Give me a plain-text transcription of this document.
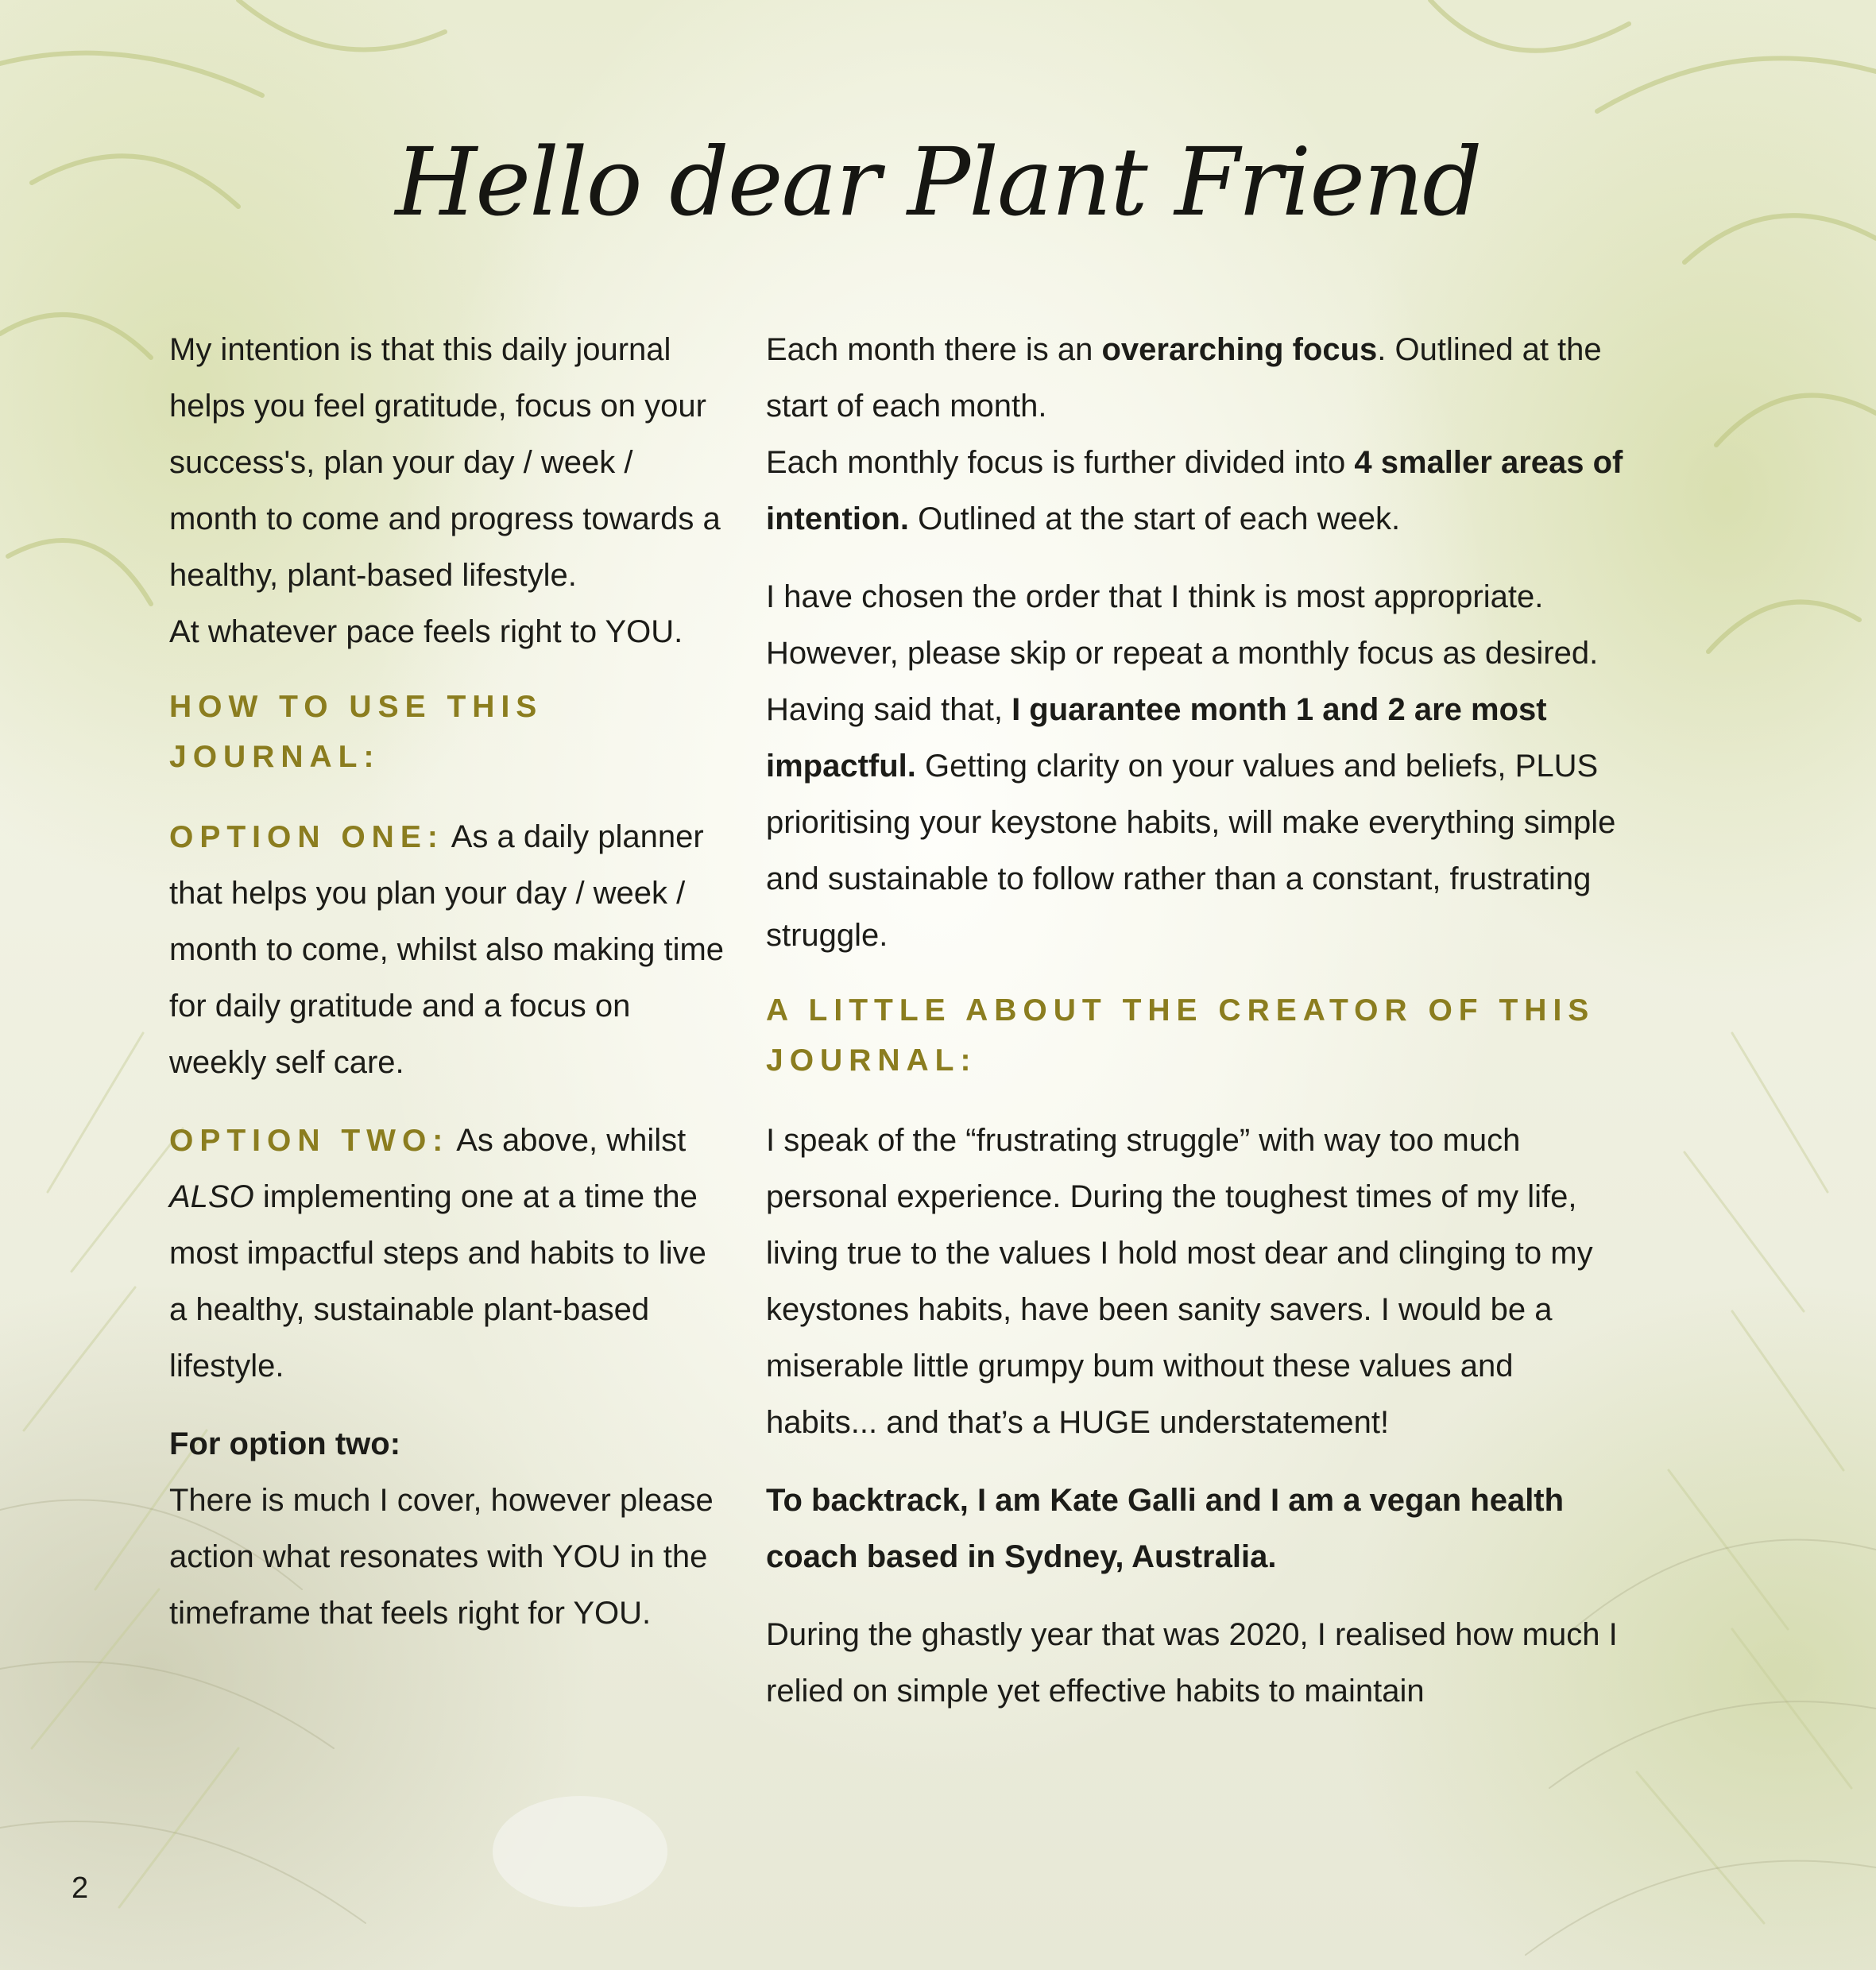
Hello dear Plant Friend

My intention is that this daily journal helps you feel gratitude, focus on your success's, plan your day / week / month to come and progress towards a healthy, plant-based lifestyle.

At whatever pace feels right to YOU.

HOW TO USE THIS JOURNAL:

OPTION ONE: As a daily planner that helps you plan your day / week / month to come, whilst also making time for daily gratitude and a focus on weekly self care.

OPTION TWO: As above, whilst ALSO implementing one at a time the most impactful steps and habits to live a healthy, sustainable plant-based lifestyle.

For option two:

There is much I cover, however please action what resonates with YOU in the timeframe that feels right for YOU.

Each month there is an overarching focus. Outlined at the start of each month.

Each monthly focus is further divided into 4 smaller areas of intention. Outlined at the start of each week.

I have chosen the order that I think is most appropriate. However, please skip or repeat a monthly focus as desired. Having said that, I guarantee month 1 and 2 are most impactful. Getting clarity on your values and beliefs, PLUS prioritising your keystone habits, will make everything simple and sustainable to follow rather than a constant, frustrating struggle.

A LITTLE ABOUT THE CREATOR OF THIS JOURNAL:

I speak of the “frustrating struggle” with way too much personal experience. During the toughest times of my life, living true to the values I hold most dear and clinging to my keystones habits, have been sanity savers. I would be a miserable little grumpy bum without these values and habits... and that’s a HUGE understatement!

To backtrack, I am Kate Galli and I am a vegan health coach based in Sydney, Australia.

During the ghastly year that was 2020, I realised how much I relied on simple yet effective habits to maintain

2
